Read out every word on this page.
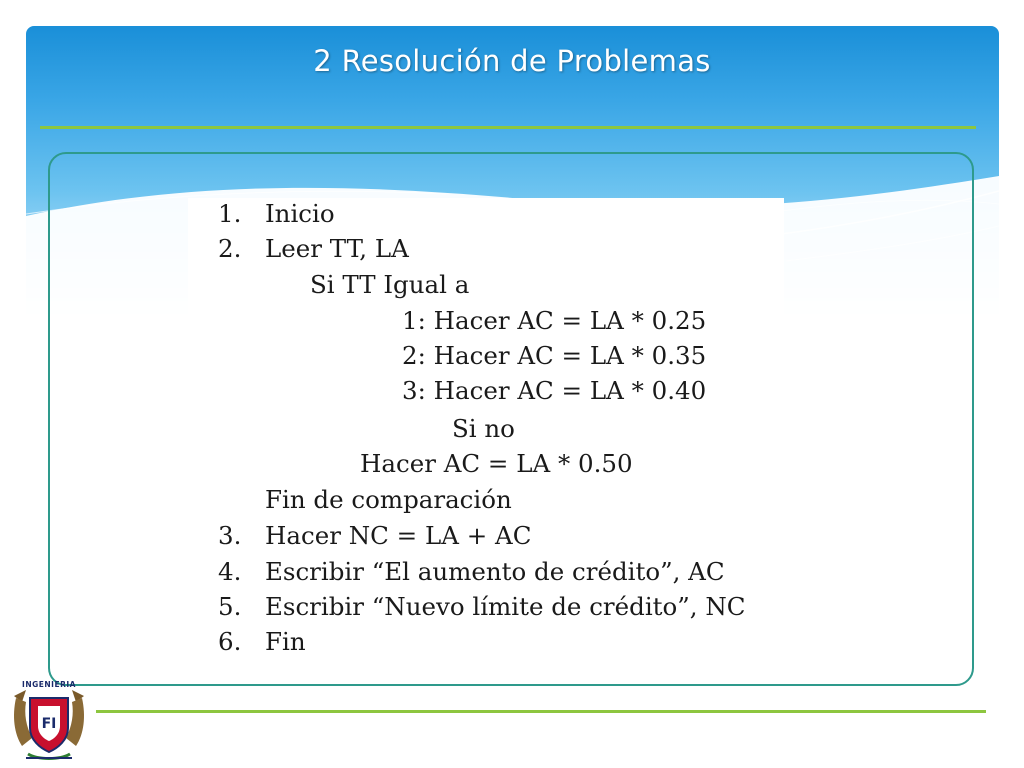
2 Resolución de Problemas
1. Inicio
2. Leer TT, LA
Si TT Igual a
1: Hacer AC = LA * 0.25
2: Hacer AC = LA * 0.35
3: Hacer AC = LA * 0.40
Si no
Hacer AC = LA * 0.50
Fin de comparación
3. Hacer NC = LA + AC
4. Escribir “El aumento de crédito”, AC
5. Escribir “Nuevo límite de crédito”, NC
6. Fin
FI
INGENIERIA
